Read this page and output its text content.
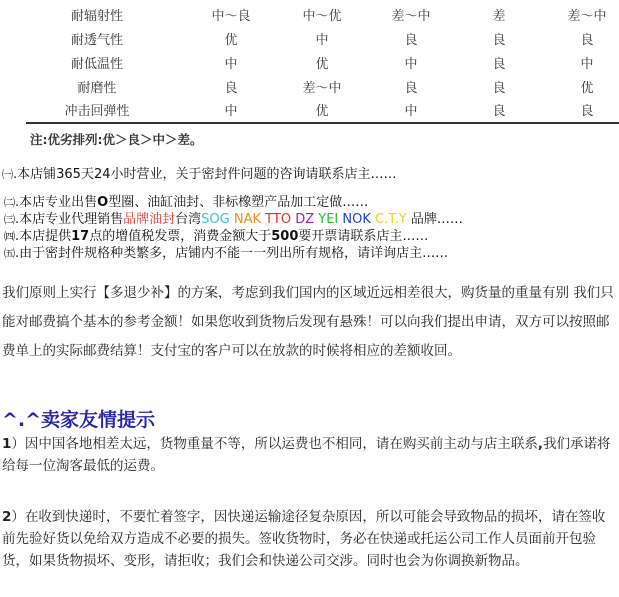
耐辐射性	中～良	中～优	差～中	差	差～中
耐透气性	优	中	良	良	良
耐低温性	中	优	中	良	中
耐磨性	良	差～中	良	良	优
冲击回弹性	中	优	中	良	良
注:优劣排列:优＞良＞中＞差。
㈠.本店铺365天24小时营业，关于密封件问题的咨询请联系店主……
㈡.本店专业出售O型圈、油缸油封、非标橡塑产品加工定做……
㈢.本店专业代理销售品牌油封台湾SOG NAK TTO DZ YEI NOK C.T.Y 品牌……
㈣.本店提供17点的增值税发票，消费金额大于500要开票请联系店主……
㈤.由于密封件规格种类繁多，店铺内不能一一列出所有规格，请详询店主……
我们原则上实行【多退少补】的方案，考虑到我们国内的区域近远相差很大，购货量的重量有别 我们只能对邮费搞个基本的参考金额！如果您收到货物后发现有悬殊！可以向我们提出申请，双方可以按照邮费单上的实际邮费结算！支付宝的客户可以在放款的时候将相应的差额收回。
^.^卖家友情提示
1）因中国各地相差太远，货物重量不等，所以运费也不相同，请在购买前主动与店主联系,我们承诺将给每一位淘客最低的运费。
2）在收到快递时，不要忙着签字，因快递运输途径复杂原因，所以可能会导致物品的损坏，请在签收前先验好货以免给双方造成不必要的损失。签收货物时，务必在快递或托运公司工作人员面前开包验货，如果货物损坏、变形，请拒收；我们会和快递公司交涉。同时也会为你调换新物品。
